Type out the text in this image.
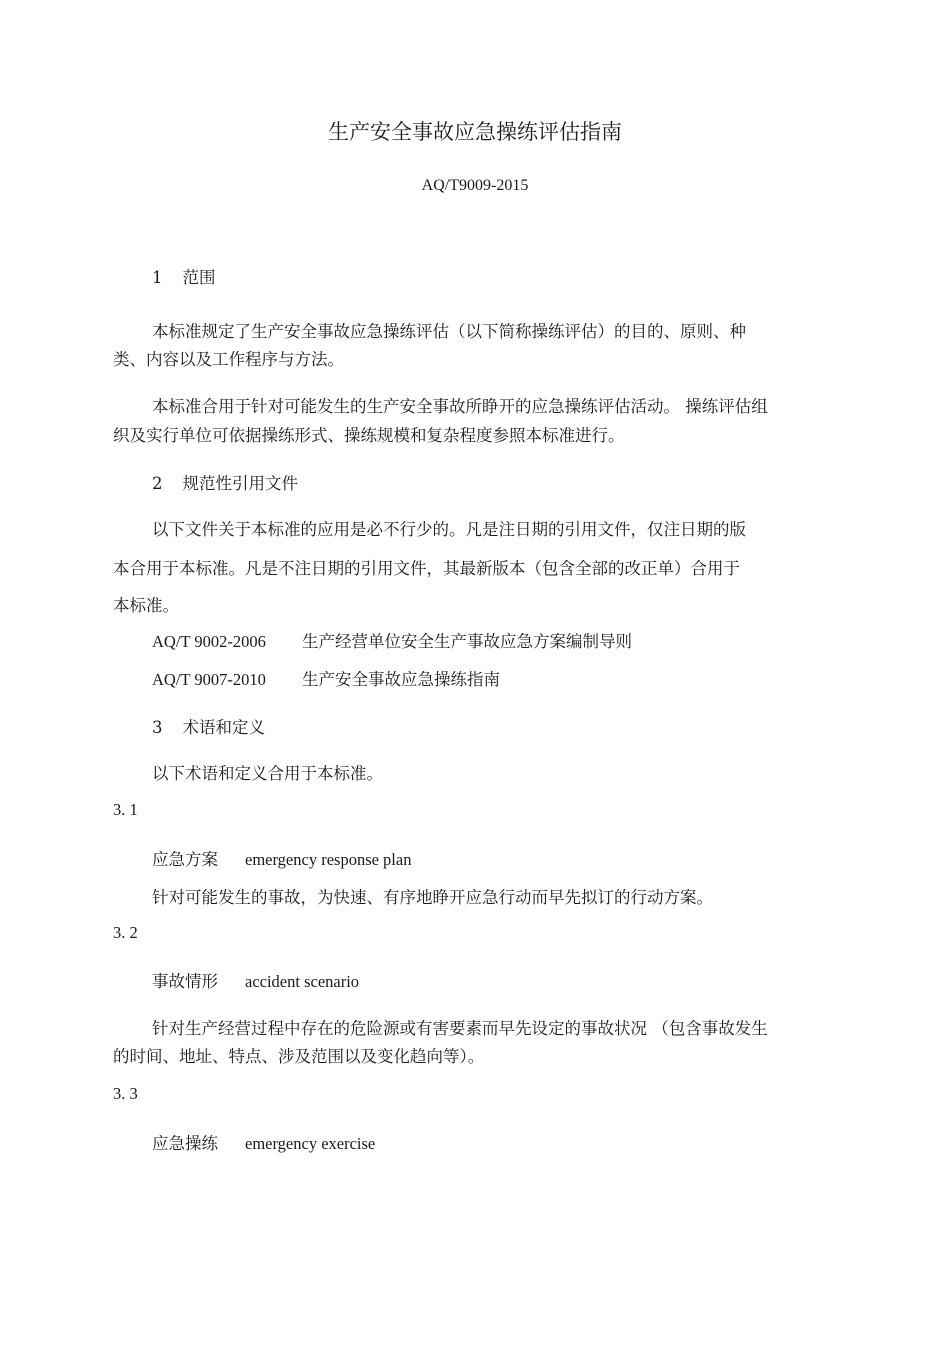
生产安全事故应急操练评估指南
AQ/T9009-2015
1 范围
本标准规定了生产安全事故应急操练评估（以下简称操练评估）的目的、原则、种
类、内容以及工作程序与方法。
本标准合用于针对可能发生的生产安全事故所睁开的应急操练评估活动。 操练评估组
织及实行单位可依据操练形式、操练规模和复杂程度参照本标准进行。
2 规范性引用文件
以下文件关于本标准的应用是必不行少的。凡是注日期的引用文件，仅注日期的版
本合用于本标准。凡是不注日期的引用文件，其最新版本（包含全部的改正单）合用于
本标准。
AQ/T 9002-2006 生产经营单位安全生产事故应急方案编制导则
AQ/T 9007-2010 生产安全事故应急操练指南
3 术语和定义
以下术语和定义合用于本标准。
3. 1
应急方案 emergency response plan
针对可能发生的事故，为快速、有序地睁开应急行动而早先拟订的行动方案。
3. 2
事故情形 accident scenario
针对生产经营过程中存在的危险源或有害要素而早先设定的事故状况 （包含事故发生
的时间、地址、特点、涉及范围以及变化趋向等）。
3. 3
应急操练 emergency exercise
